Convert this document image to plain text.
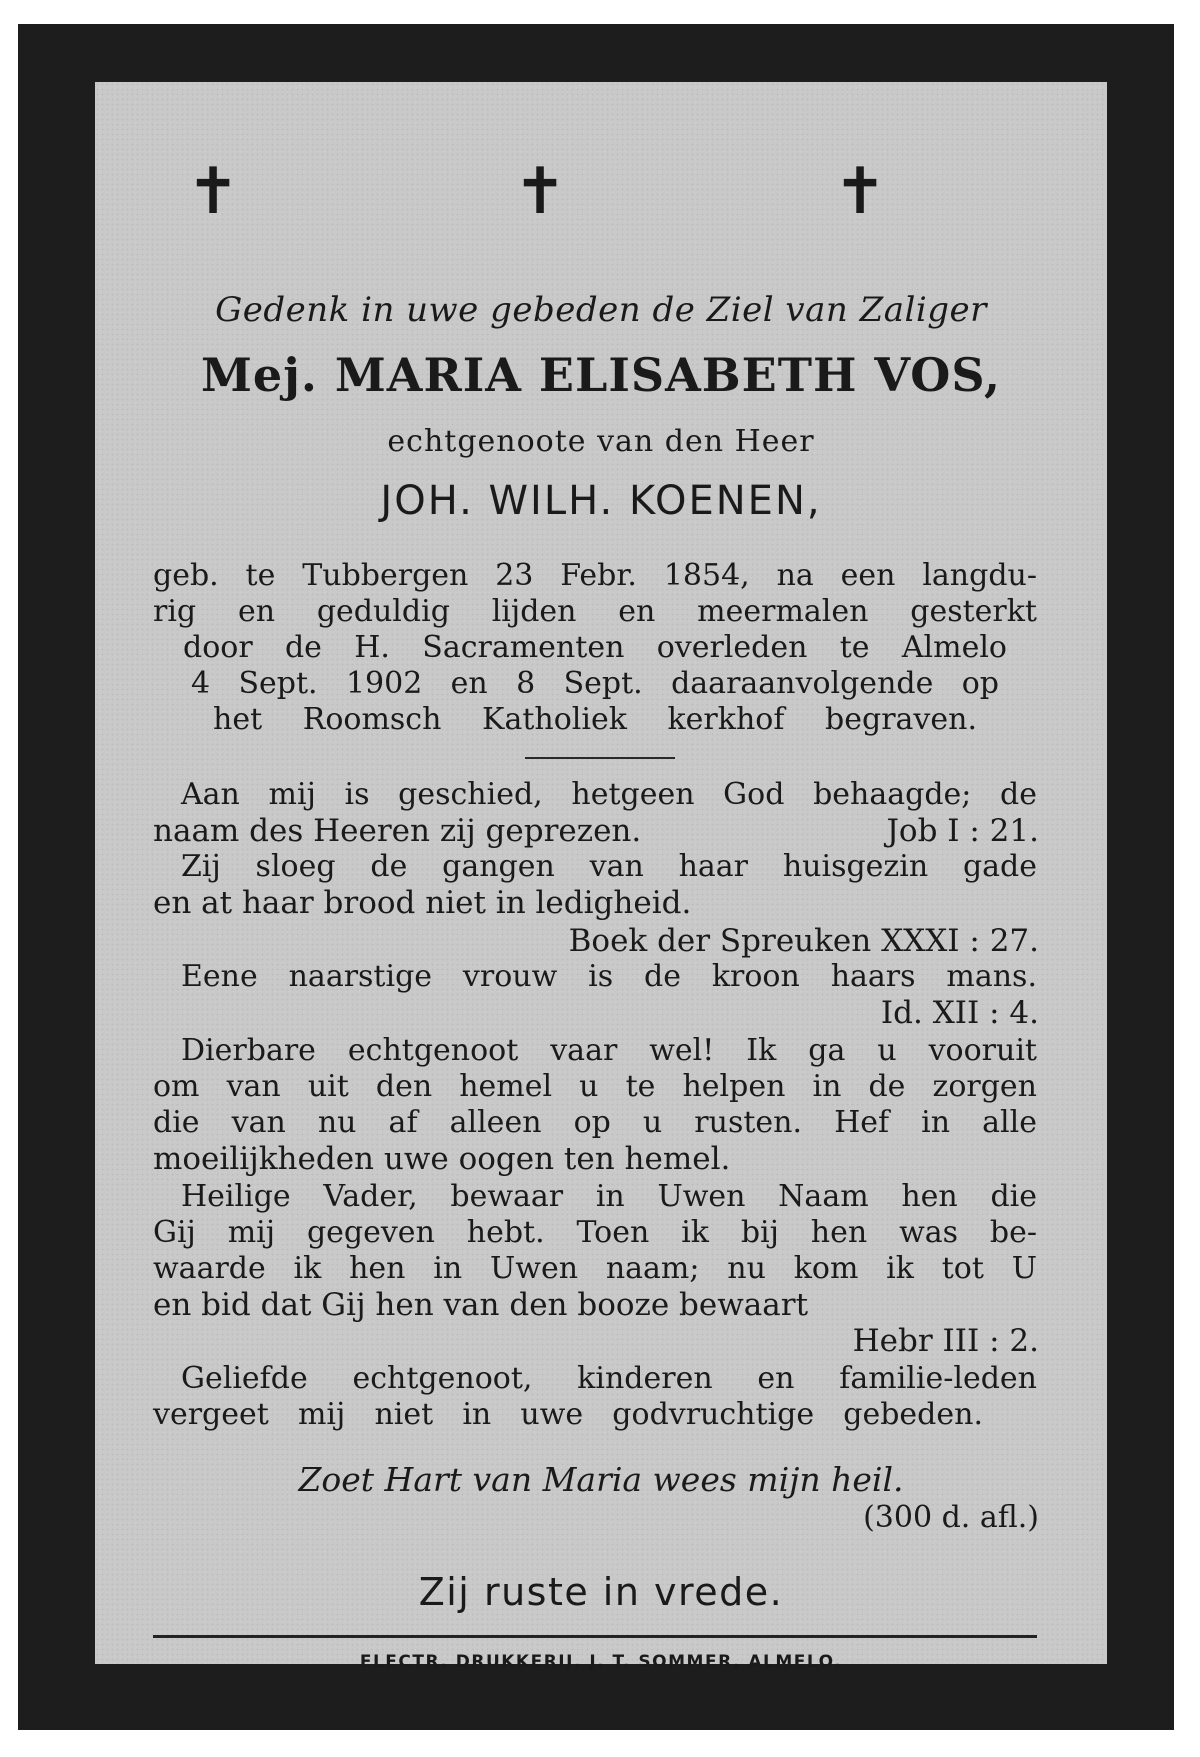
✝	✝	✝
Gedenk in uwe gebeden de Ziel van Zaliger
Mej. MARIA ELISABETH VOS,
echtgenoote van den Heer
JOH. WILH. KOENEN,
geb. te Tubbergen 23 Febr. 1854, na een langdu-
rig en geduldig lijden en meermalen gesterkt
door de H. Sacramenten overleden te Almelo
4 Sept. 1902 en 8 Sept. daaraanvolgende op
het Roomsch Katholiek kerkhof begraven.
Aan mij is geschied, hetgeen God behaagde; de
naam des Heeren zij geprezen.	Job I : 21.
Zij sloeg de gangen van haar huisgezin gade
en at haar brood niet in ledigheid.
Boek der Spreuken XXXI : 27.
Eene naarstige vrouw is de kroon haars mans.
Id. XII : 4.
Dierbare echtgenoot vaar wel! Ik ga u vooruit
om van uit den hemel u te helpen in de zorgen
die van nu af alleen op u rusten. Hef in alle
moeilijkheden uwe oogen ten hemel.
Heilige Vader, bewaar in Uwen Naam hen die
Gij mij gegeven hebt. Toen ik bij hen was be-
waarde ik hen in Uwen naam; nu kom ik tot U
en bid dat Gij hen van den booze bewaart
Hebr III : 2.
Geliefde echtgenoot, kinderen en familie-leden
vergeet mij niet in uwe godvruchtige gebeden.
Zoet Hart van Maria wees mijn heil.
(300 d. afl.)
Zij ruste in vrede.
ELECTR. DRUKKERIJ, J. T. SOMMER, ALMELO.
